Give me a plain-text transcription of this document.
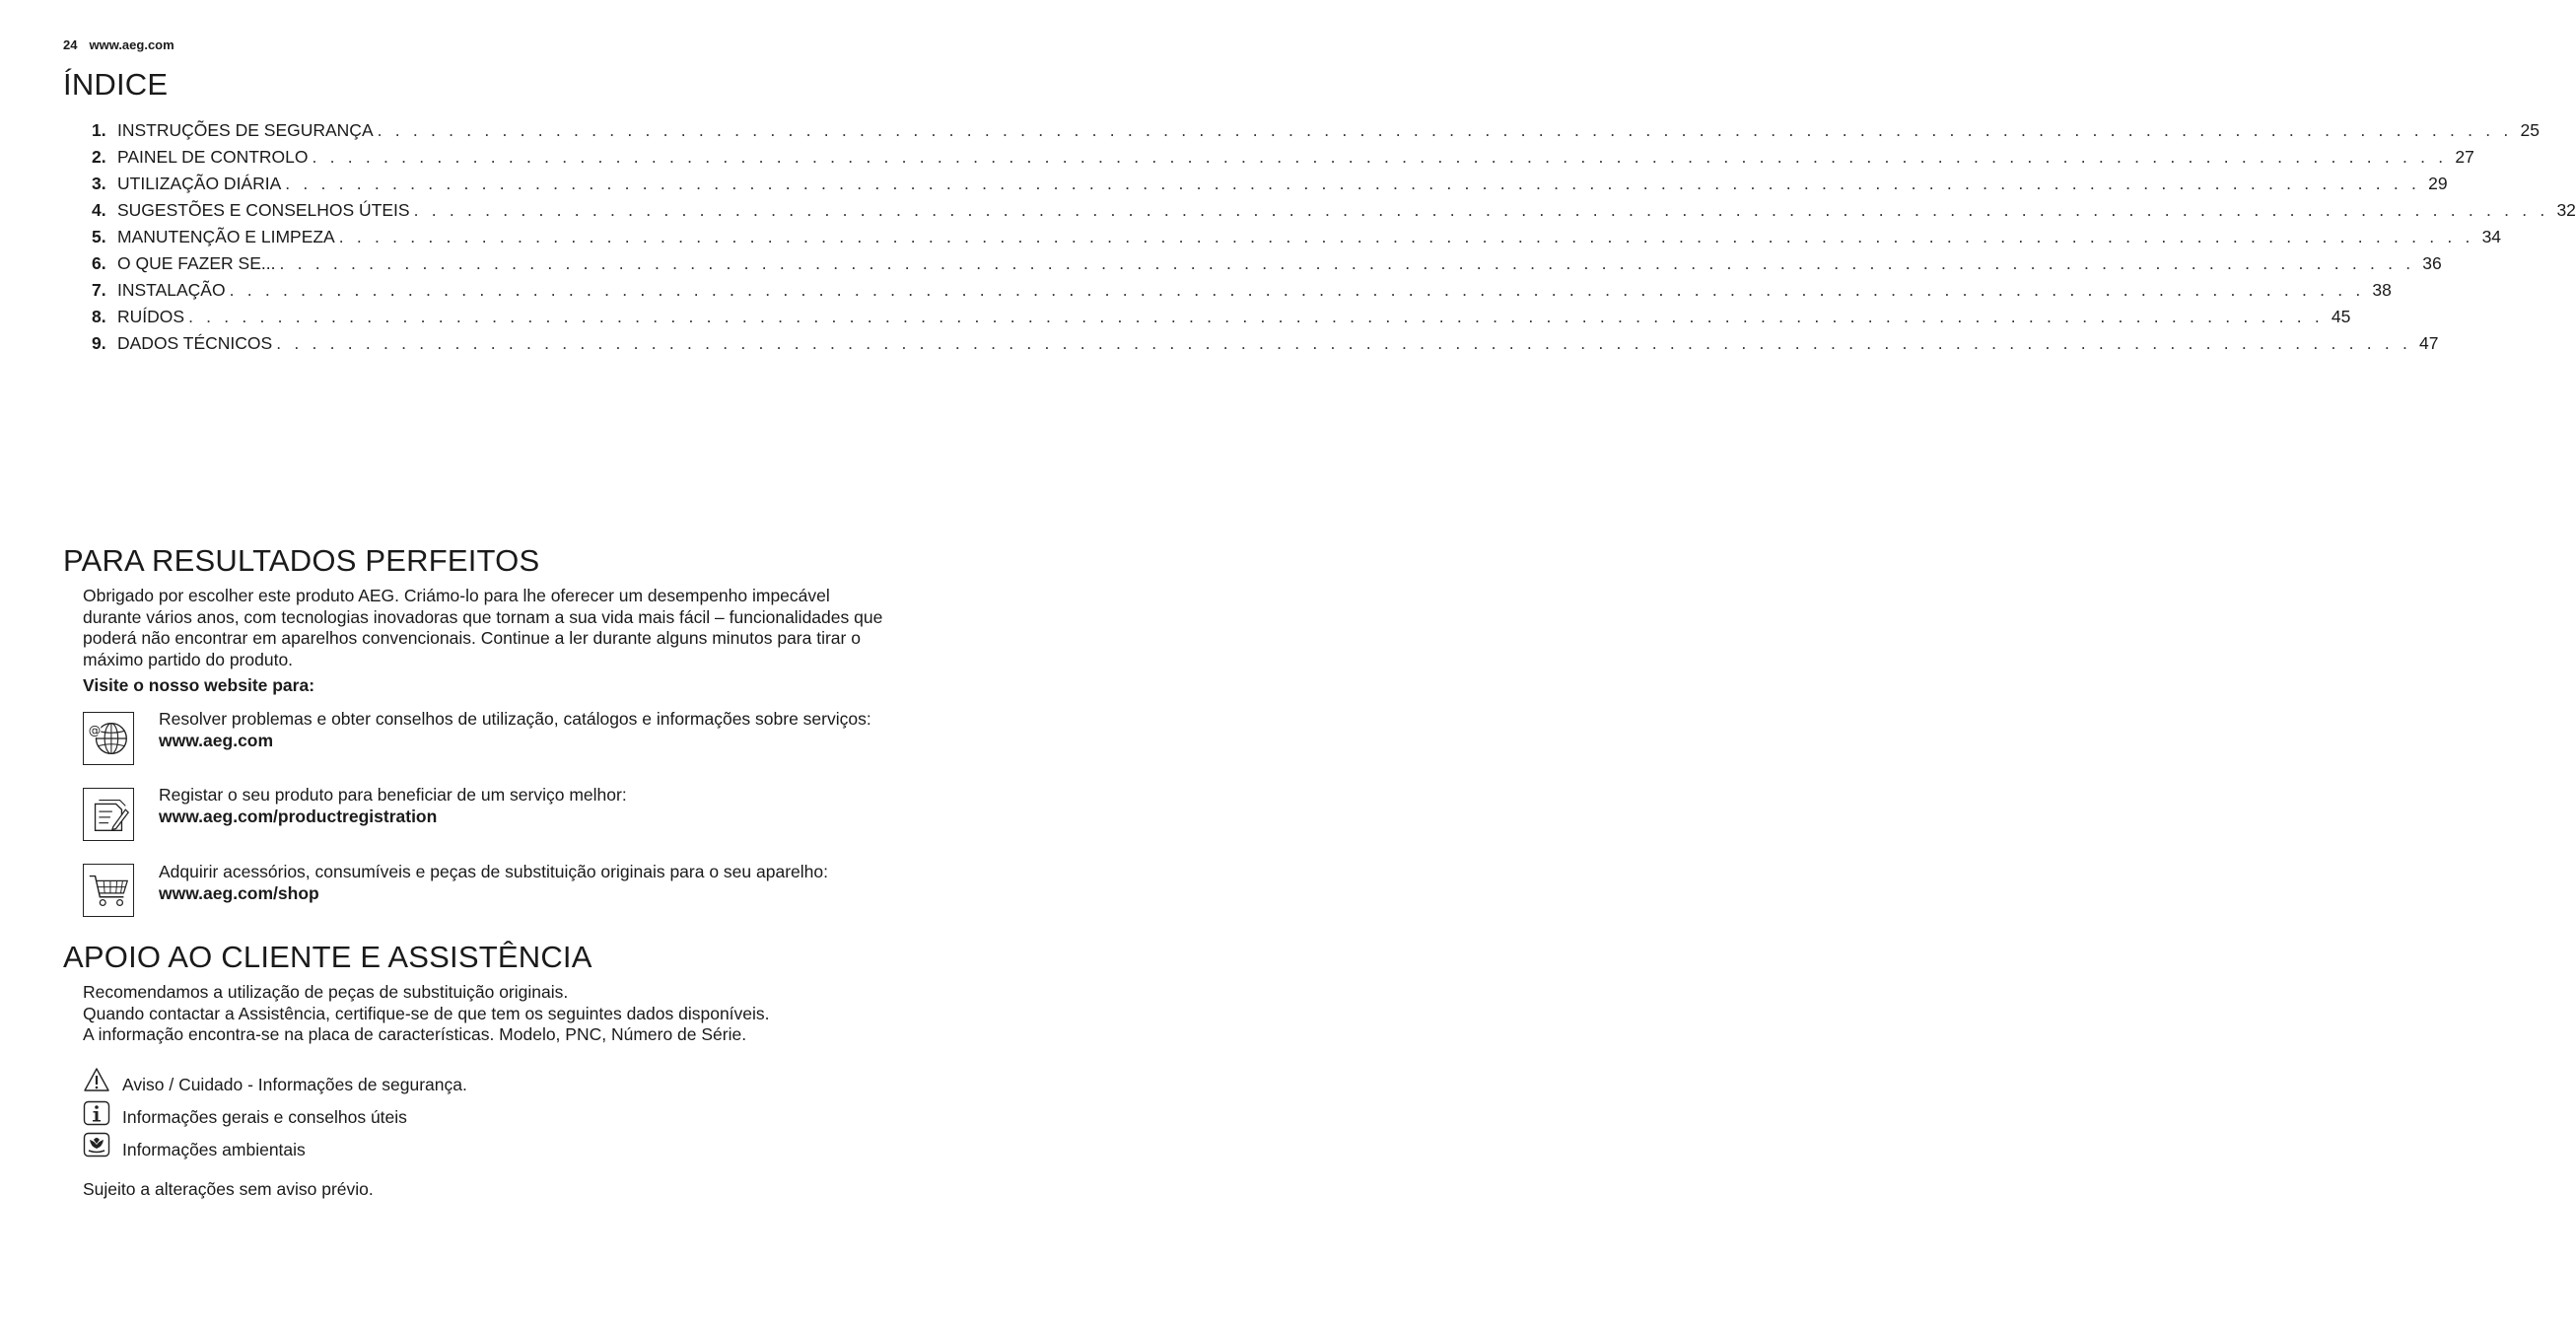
24 www.aeg.com
ÍNDICE
1. INSTRUÇÕES DE SEGURANÇA . . . . . . . . . . . . . . . . . . . . . . . . . . . . . . . . . . . . . . . . . . . . . . . . . . . . . . . . . . . . . . . . . . . . . . . . . . . . . . . . . . . . . . . . . . . . . . . . . . . . . . . . . . . . . . . . . . . . . . . . 25
2. PAINEL DE CONTROLO . . . . . . . . . . . . . . . . . . . . . . . . . . . . . . . . . . . . . . . . . . . . . . . . . . . . . . . . . . . . . . . . . . . . . . . . . . . . . . . . . . . . . . . . . . . . . . . . . . . . . . . . . . . . . . . . . . . . . . . . 27
3. UTILIZAÇÃO DIÁRIA . . . . . . . . . . . . . . . . . . . . . . . . . . . . . . . . . . . . . . . . . . . . . . . . . . . . . . . . . . . . . . . . . . . . . . . . . . . . . . . . . . . . . . . . . . . . . . . . . . . . . . . . . . . . . . . . . . . . . . . . 29
4. SUGESTÕES E CONSELHOS ÚTEIS . . . . . . . . . . . . . . . . . . . . . . . . . . . . . . . . . . . . . . . . . . . . . . . . . . . . . . . . . . . . . . . . . . . . . . . . . . . . . . . . . . . . . . . . . . . . . . . . . . . . . . . . . . . . . . . . . . . . . . . . 32
5. MANUTENÇÃO E LIMPEZA . . . . . . . . . . . . . . . . . . . . . . . . . . . . . . . . . . . . . . . . . . . . . . . . . . . . . . . . . . . . . . . . . . . . . . . . . . . . . . . . . . . . . . . . . . . . . . . . . . . . . . . . . . . . . . . . . . . . . . . . 34
6. O QUE FAZER SE... . . . . . . . . . . . . . . . . . . . . . . . . . . . . . . . . . . . . . . . . . . . . . . . . . . . . . . . . . . . . . . . . . . . . . . . . . . . . . . . . . . . . . . . . . . . . . . . . . . . . . . . . . . . . . . . . . . . . . . . . 36
7. INSTALAÇÃO . . . . . . . . . . . . . . . . . . . . . . . . . . . . . . . . . . . . . . . . . . . . . . . . . . . . . . . . . . . . . . . . . . . . . . . . . . . . . . . . . . . . . . . . . . . . . . . . . . . . . . . . . . . . . . . . . . . . . . . . 38
8. RUÍDOS . . . . . . . . . . . . . . . . . . . . . . . . . . . . . . . . . . . . . . . . . . . . . . . . . . . . . . . . . . . . . . . . . . . . . . . . . . . . . . . . . . . . . . . . . . . . . . . . . . . . . . . . . . . . . . . . . . . . . . . . 45
9. DADOS TÉCNICOS . . . . . . . . . . . . . . . . . . . . . . . . . . . . . . . . . . . . . . . . . . . . . . . . . . . . . . . . . . . . . . . . . . . . . . . . . . . . . . . . . . . . . . . . . . . . . . . . . . . . . . . . . . . . . . . . . . . . . . . . 47
PARA RESULTADOS PERFEITOS
Obrigado por escolher este produto AEG. Criámo-lo para lhe oferecer um desempenho impecável durante vários anos, com tecnologias inovadoras que tornam a sua vida mais fácil – funcionalidades que poderá não encontrar em aparelhos convencionais. Continue a ler durante alguns minutos para tirar o máximo partido do produto.
Visite o nosso website para:
@
Resolver problemas e obter conselhos de utilização, catálogos e informações sobre serviços:
www.aeg.com
Registar o seu produto para beneficiar de um serviço melhor:
www.aeg.com/productregistration
Adquirir acessórios, consumíveis e peças de substituição originais para o seu aparelho:
www.aeg.com/shop
APOIO AO CLIENTE E ASSISTÊNCIA
Recomendamos a utilização de peças de substituição originais.
Quando contactar a Assistência, certifique-se de que tem os seguintes dados disponíveis.
A informação encontra-se na placa de características. Modelo, PNC, Número de Série.
Aviso / Cuidado - Informações de segurança.
Informações gerais e conselhos úteis
Informações ambientais
Sujeito a alterações sem aviso prévio.
